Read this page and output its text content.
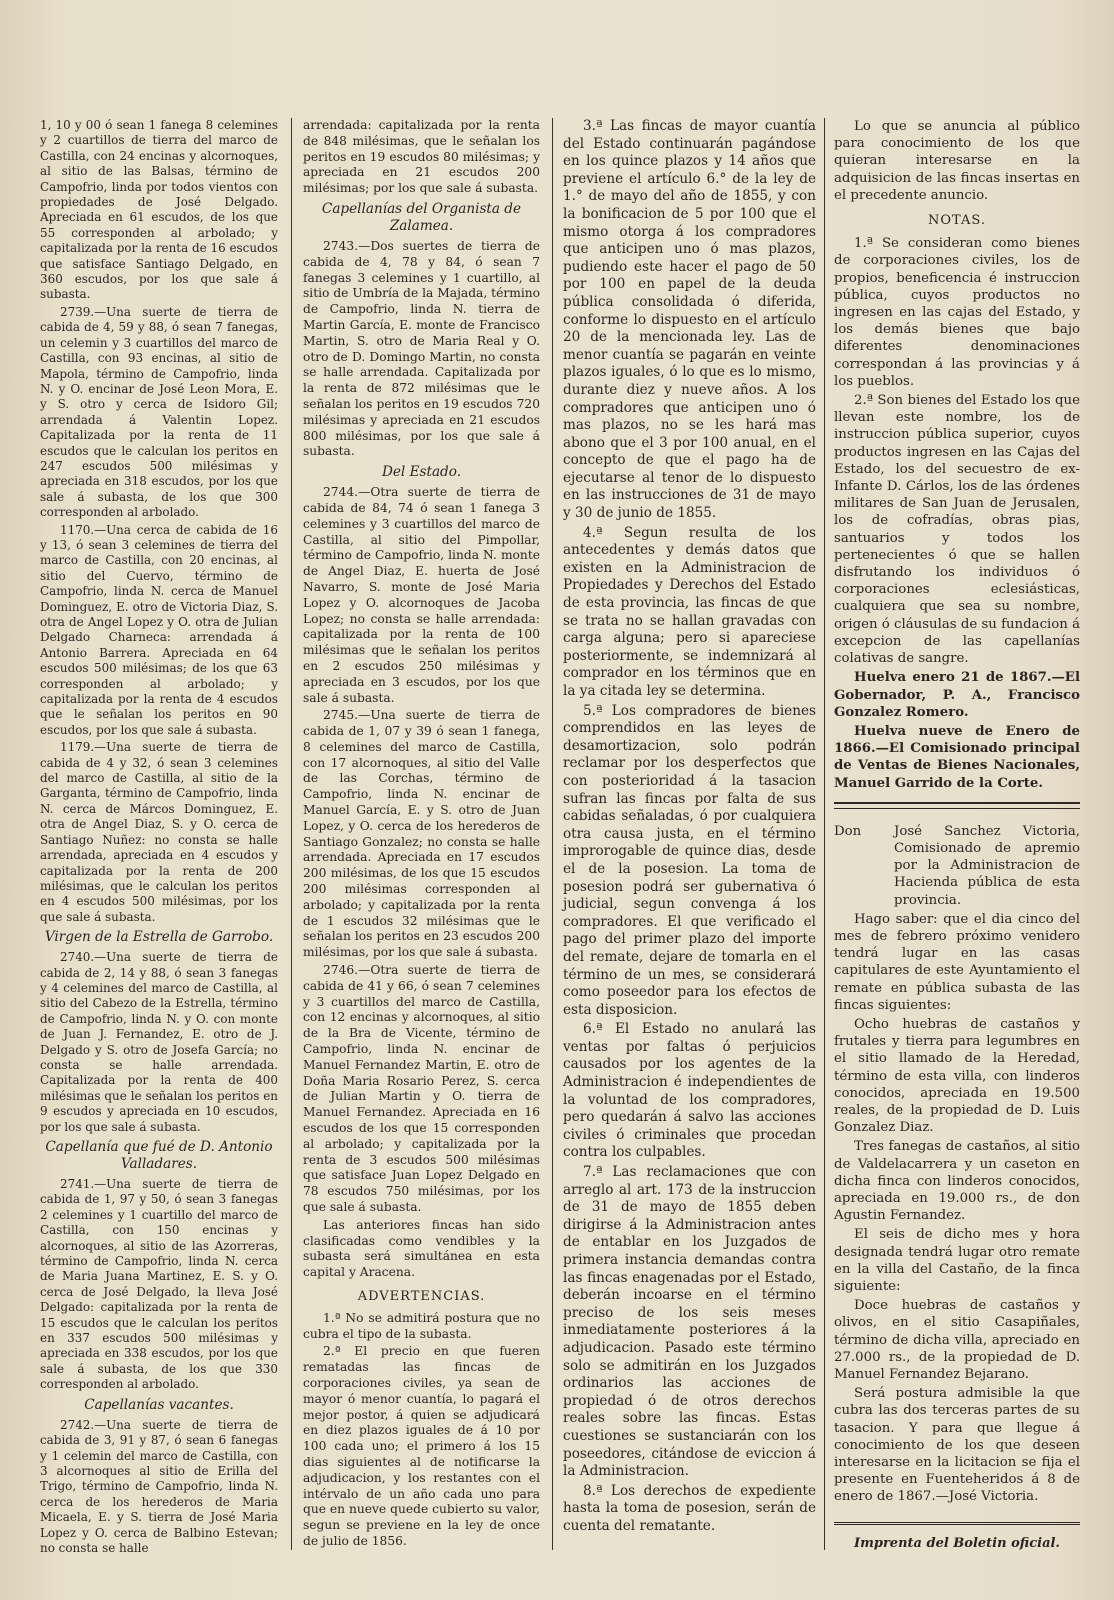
1, 10 y 00 ó sean 1 fanega 8 celemines y 2 cuartillos de tierra del marco de Castilla, con 24 encinas y alcornoques, al sitio de las Balsas, término de Campofrio, linda por todos vientos con propiedades de José Delgado. Apreciada en 61 escudos, de los que 55 corresponden al arbolado; y capitalizada por la renta de 16 escudos que satisface Santiago Delgado, en 360 escudos, por los que sale á subasta.

2739.—Una suerte de tierra de cabida de 4, 59 y 88, ó sean 7 fanegas, un celemin y 3 cuartillos del marco de Castilla, con 93 encinas, al sitio de Mapola, término de Campofrio, linda N. y O. encinar de José Leon Mora, E. y S. otro y cerca de Isidoro Gil; arrendada á Valentin Lopez. Capitalizada por la renta de 11 escudos que le calculan los peritos en 247 escudos 500 milésimas y apreciada en 318 escudos, por los que sale á subasta, de los que 300 corresponden al arbolado.

1170.—Una cerca de cabida de 16 y 13, ó sean 3 celemines de tierra del marco de Castilla, con 20 encinas, al sitio del Cuervo, término de Campofrio, linda N. cerca de Manuel Dominguez, E. otro de Victoria Diaz, S. otra de Angel Lopez y O. otra de Julian Delgado Charneca: arrendada á Antonio Barrera. Apreciada en 64 escudos 500 milésimas; de los que 63 corresponden al arbolado; y capitalizada por la renta de 4 escudos que le señalan los peritos en 90 escudos, por los que sale á subasta.

1179.—Una suerte de tierra de cabida de 4 y 32, ó sean 3 celemines del marco de Castilla, al sitio de la Garganta, término de Campofrio, linda N. cerca de Márcos Dominguez, E. otra de Angel Diaz, S. y O. cerca de Santiago Nuñez: no consta se halle arrendada, apreciada en 4 escudos y capitalizada por la renta de 200 milésimas, que le calculan los peritos en 4 escudos 500 milésimas, por los que sale á subasta.

Virgen de la Estrella de Garrobo.

2740.—Una suerte de tierra de cabida de 2, 14 y 88, ó sean 3 fanegas y 4 celemines del marco de Castilla, al sitio del Cabezo de la Estrella, término de Campofrio, linda N. y O. con monte de Juan J. Fernandez, E. otro de J. Delgado y S. otro de Josefa García; no consta se halle arrendada. Capitalizada por la renta de 400 milésimas que le señalan los peritos en 9 escudos y apreciada en 10 escudos, por los que sale á subasta.

Capellanía que fué de D. Antonio Valladares.

2741.—Una suerte de tierra de cabida de 1, 97 y 50, ó sean 3 fanegas 2 celemines y 1 cuartillo del marco de Castilla, con 150 encinas y alcornoques, al sitio de las Azorreras, término de Campofrio, linda N. cerca de Maria Juana Martinez, E. S. y O. cerca de José Delgado, la lleva José Delgado: capitalizada por la renta de 15 escudos que le calculan los peritos en 337 escudos 500 milésimas y apreciada en 338 escudos, por los que sale á subasta, de los que 330 corresponden al arbolado.

Capellanías vacantes.

2742.—Una suerte de tierra de cabida de 3, 91 y 87, ó sean 6 fanegas y 1 celemin del marco de Castilla, con 3 alcornoques al sitio de Erilla del Trigo, término de Campofrio, linda N. cerca de los herederos de Maria Micaela, E. y S. tierra de José Maria Lopez y O. cerca de Balbino Estevan; no consta se halle

arrendada: capitalizada por la renta de 848 milésimas, que le señalan los peritos en 19 escudos 80 milésimas; y apreciada en 21 escudos 200 milésimas; por los que sale á subasta.

Capellanías del Organista de Zalamea.

2743.—Dos suertes de tierra de cabida de 4, 78 y 84, ó sean 7 fanegas 3 celemines y 1 cuartillo, al sitio de Umbría de la Majada, término de Campofrio, linda N. tierra de Martin García, E. monte de Francisco Martin, S. otro de Maria Real y O. otro de D. Domingo Martin, no consta se halle arrendada. Capitalizada por la renta de 872 milésimas que le señalan los peritos en 19 escudos 720 milésimas y apreciada en 21 escudos 800 milésimas, por los que sale á subasta.

Del Estado.

2744.—Otra suerte de tierra de cabida de 84, 74 ó sean 1 fanega 3 celemines y 3 cuartillos del marco de Castilla, al sitio del Pimpollar, término de Campofrio, linda N. monte de Angel Diaz, E. huerta de José Navarro, S. monte de José Maria Lopez y O. alcornoques de Jacoba Lopez; no consta se halle arrendada: capitalizada por la renta de 100 milésimas que le señalan los peritos en 2 escudos 250 milésimas y apreciada en 3 escudos, por los que sale á subasta.

2745.—Una suerte de tierra de cabida de 1, 07 y 39 ó sean 1 fanega, 8 celemines del marco de Castilla, con 17 alcornoques, al sitio del Valle de las Corchas, término de Campofrio, linda N. encinar de Manuel García, E. y S. otro de Juan Lopez, y O. cerca de los herederos de Santiago Gonzalez; no consta se halle arrendada. Apreciada en 17 escudos 200 milésimas, de los que 15 escudos 200 milésimas corresponden al arbolado; y capitalizada por la renta de 1 escudos 32 milésimas que le señalan los peritos en 23 escudos 200 milésimas, por los que sale á subasta.

2746.—Otra suerte de tierra de cabida de 41 y 66, ó sean 7 celemines y 3 cuartillos del marco de Castilla, con 12 encinas y alcornoques, al sitio de la Bra de Vicente, término de Campofrio, linda N. encinar de Manuel Fernandez Martin, E. otro de Doña Maria Rosario Perez, S. cerca de Julian Martin y O. tierra de Manuel Fernandez. Apreciada en 16 escudos de los que 15 corresponden al arbolado; y capitalizada por la renta de 3 escudos 500 milésimas que satisface Juan Lopez Delgado en 78 escudos 750 milésimas, por los que sale á subasta.

Las anteriores fincas han sido clasificadas como vendibles y la subasta será simultánea en esta capital y Aracena.

ADVERTENCIAS.

1.ª No se admitirá postura que no cubra el tipo de la subasta.

2.ª El precio en que fueren rematadas las fincas de corporaciones civiles, ya sean de mayor ó menor cuantía, lo pagará el mejor postor, á quien se adjudicará en diez plazos iguales de á 10 por 100 cada uno; el primero á los 15 dias siguientes al de notificarse la adjudicacion, y los restantes con el intérvalo de un año cada uno para que en nueve quede cubierto su valor, segun se previene en la ley de once de julio de 1856.

3.ª Las fincas de mayor cuantía del Estado continuarán pagándose en los quince plazos y 14 años que previene el artículo 6.° de la ley de 1.° de mayo del año de 1855, y con la bonificacion de 5 por 100 que el mismo otorga á los compradores que anticipen uno ó mas plazos, pudiendo este hacer el pago de 50 por 100 en papel de la deuda pública consolidada ó diferida, conforme lo dispuesto en el artículo 20 de la mencionada ley. Las de menor cuantía se pagarán en veinte plazos iguales, ó lo que es lo mismo, durante diez y nueve años. A los compradores que anticipen uno ó mas plazos, no se les hará mas abono que el 3 por 100 anual, en el concepto de que el pago ha de ejecutarse al tenor de lo dispuesto en las instrucciones de 31 de mayo y 30 de junio de 1855.

4.ª Segun resulta de los antecedentes y demás datos que existen en la Administracion de Propiedades y Derechos del Estado de esta provincia, las fincas de que se trata no se hallan gravadas con carga alguna; pero si apareciese posteriormente, se indemnizará al comprador en los términos que en la ya citada ley se determina.

5.ª Los compradores de bienes comprendidos en las leyes de desamortizacion, solo podrán reclamar por los desperfectos que con posterioridad á la tasacion sufran las fincas por falta de sus cabidas señaladas, ó por cualquiera otra causa justa, en el término improrogable de quince dias, desde el de la posesion. La toma de posesion podrá ser gubernativa ó judicial, segun convenga á los compradores. El que verificado el pago del primer plazo del importe del remate, dejare de tomarla en el término de un mes, se considerará como poseedor para los efectos de esta disposicion.

6.ª El Estado no anulará las ventas por faltas ó perjuicios causados por los agentes de la Administracion é independientes de la voluntad de los compradores, pero quedarán á salvo las acciones civiles ó criminales que procedan contra los culpables.

7.ª Las reclamaciones que con arreglo al art. 173 de la instruccion de 31 de mayo de 1855 deben dirigirse á la Administracion antes de entablar en los Juzgados de primera instancia demandas contra las fincas enagenadas por el Estado, deberán incoarse en el término preciso de los seis meses inmediatamente posteriores á la adjudicacion. Pasado este término solo se admitirán en los Juzgados ordinarios las acciones de propiedad ó de otros derechos reales sobre las fincas. Estas cuestiones se sustanciarán con los poseedores, citándose de eviccion á la Administracion.

8.ª Los derechos de expediente hasta la toma de posesion, serán de cuenta del rematante.

Lo que se anuncia al público para conocimiento de los que quieran interesarse en la adquisicion de las fincas insertas en el precedente anuncio.

NOTAS.

1.ª Se consideran como bienes de corporaciones civiles, los de propios, beneficencia é instruccion pública, cuyos productos no ingresen en las cajas del Estado, y los demás bienes que bajo diferentes denominaciones correspondan á las provincias y á los pueblos.

2.ª Son bienes del Estado los que llevan este nombre, los de instruccion pública superior, cuyos productos ingresen en las Cajas del Estado, los del secuestro de ex-Infante D. Cárlos, los de las órdenes militares de San Juan de Jerusalen, los de cofradías, obras pias, santuarios y todos los pertenecientes ó que se hallen disfrutando los individuos ó corporaciones eclesiásticas, cualquiera que sea su nombre, origen ó cláusulas de su fundacion á excepcion de las capellanías colativas de sangre.

Huelva enero 21 de 1867.—El Gobernador, P. A., Francisco Gonzalez Romero.

Huelva nueve de Enero de 1866.—El Comisionado principal de Ventas de Bienes Nacionales, Manuel Garrido de la Corte.

Don José Sanchez Victoria, Comisionado de apremio por la Administracion de Hacienda pública de esta provincia.

Hago saber: que el dia cinco del mes de febrero próximo venidero tendrá lugar en las casas capitulares de este Ayuntamiento el remate en pública subasta de las fincas siguientes:

Ocho huebras de castaños y frutales y tierra para legumbres en el sitio llamado de la Heredad, término de esta villa, con linderos conocidos, apreciada en 19.500 reales, de la propiedad de D. Luis Gonzalez Diaz.

Tres fanegas de castaños, al sitio de Valdelacarrera y un caseton en dicha finca con linderos conocidos, apreciada en 19.000 rs., de don Agustin Fernandez.

El seis de dicho mes y hora designada tendrá lugar otro remate en la villa del Castaño, de la finca siguiente:

Doce huebras de castaños y olivos, en el sitio Casapiñales, término de dicha villa, apreciado en 27.000 rs., de la propiedad de D. Manuel Fernandez Bejarano.

Será postura admisible la que cubra las dos terceras partes de su tasacion. Y para que llegue á conocimiento de los que deseen interesarse en la licitacion se fija el presente en Fuenteheridos á 8 de enero de 1867.—José Victoria.

Imprenta del Boletin oficial.
